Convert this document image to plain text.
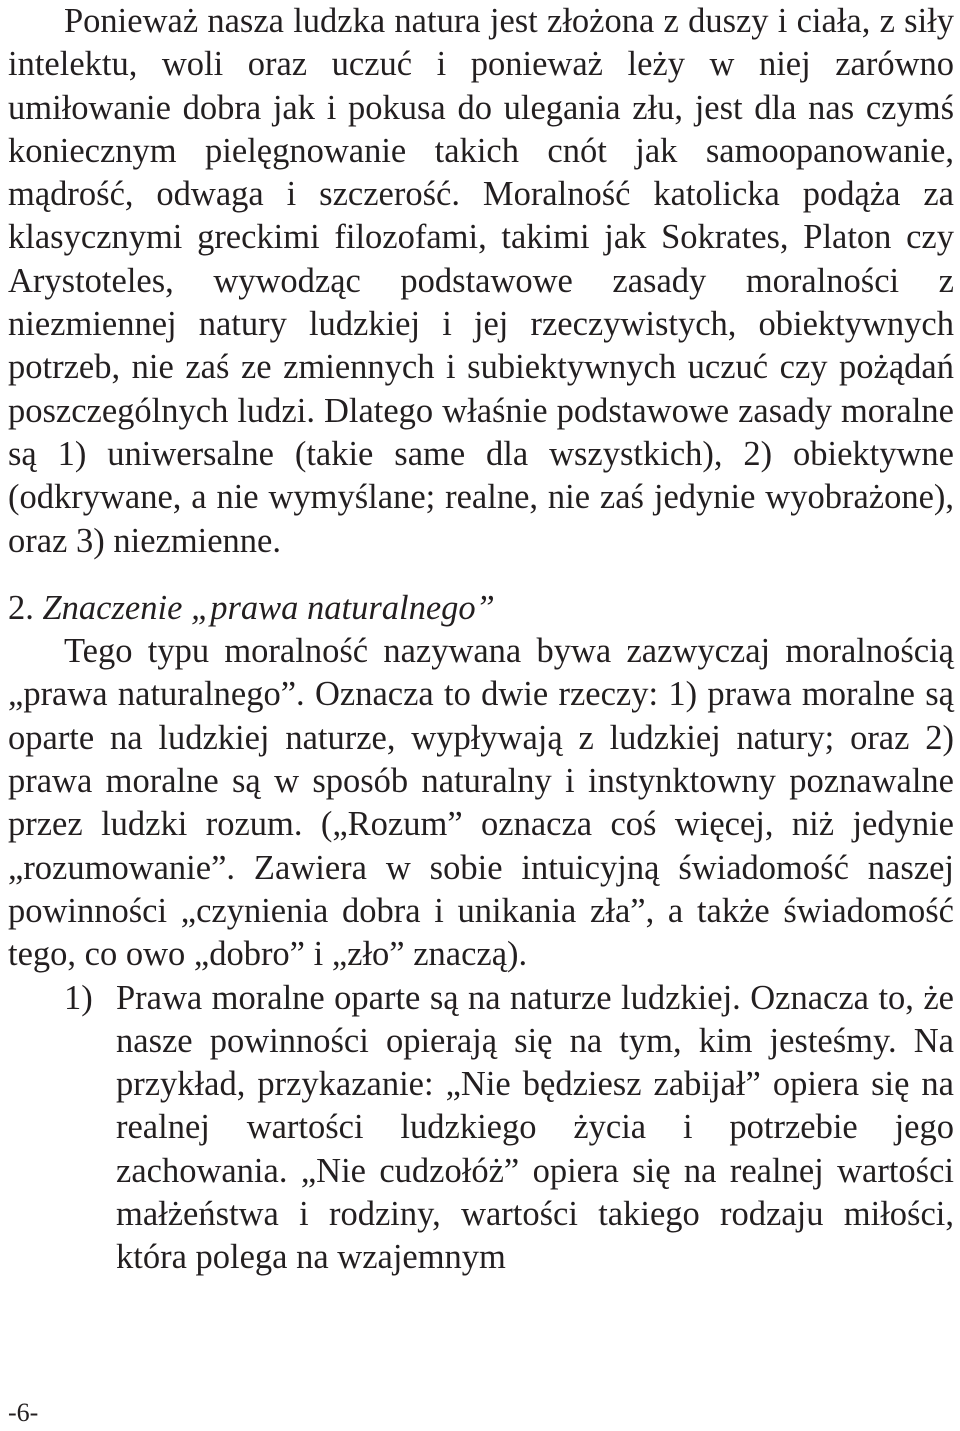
Ponieważ nasza ludzka natura jest złożona z duszy i ciała, z siły intelektu, woli oraz uczuć i ponieważ leży w niej zarówno umiłowanie dobra jak i pokusa do ulegania złu, jest dla nas czymś koniecznym pielęgnowanie takich cnót jak samoopanowanie, mądrość, odwaga i szczerość. Moralność katolicka podąża za klasycznymi greckimi filozofami, takimi jak Sokrates, Platon czy Arystoteles, wywodząc podstawowe zasady moralności z niezmiennej natury ludzkiej i jej rzeczywistych, obiektywnych potrzeb, nie zaś ze zmiennych i subiektywnych uczuć czy pożądań poszczególnych ludzi. Dlatego właśnie podstawowe zasady moralne są 1) uniwersalne (takie same dla wszystkich), 2) obiektywne (odkrywane, a nie wymyślane; realne, nie zaś jedynie wyobrażone), oraz 3) niezmienne.

2. Znaczenie „prawa naturalnego”

Tego typu moralność nazywana bywa zazwyczaj moralnością „prawa naturalnego”. Oznacza to dwie rzeczy: 1) prawa moralne są oparte na ludzkiej naturze, wypływają z ludzkiej natury; oraz 2) prawa moralne są w sposób naturalny i instynktowny poznawalne przez ludzki rozum. („Rozum” oznacza coś więcej, niż jedynie „rozumowanie”. Zawiera w sobie intuicyjną świadomość naszej powinności „czynienia dobra i unikania zła”, a także świadomość tego, co owo „dobro” i „zło” znaczą).

1) Prawa moralne oparte są na naturze ludzkiej. Oznacza to, że nasze powinności opierają się na tym, kim jesteśmy. Na przykład, przykazanie: „Nie będziesz zabijał” opiera się na realnej wartości ludzkiego życia i potrzebie jego zachowania. „Nie cudzołóż” opiera się na realnej wartości małżeństwa i rodziny, wartości takiego rodzaju miłości, która polega na wzajemnym
-6-
